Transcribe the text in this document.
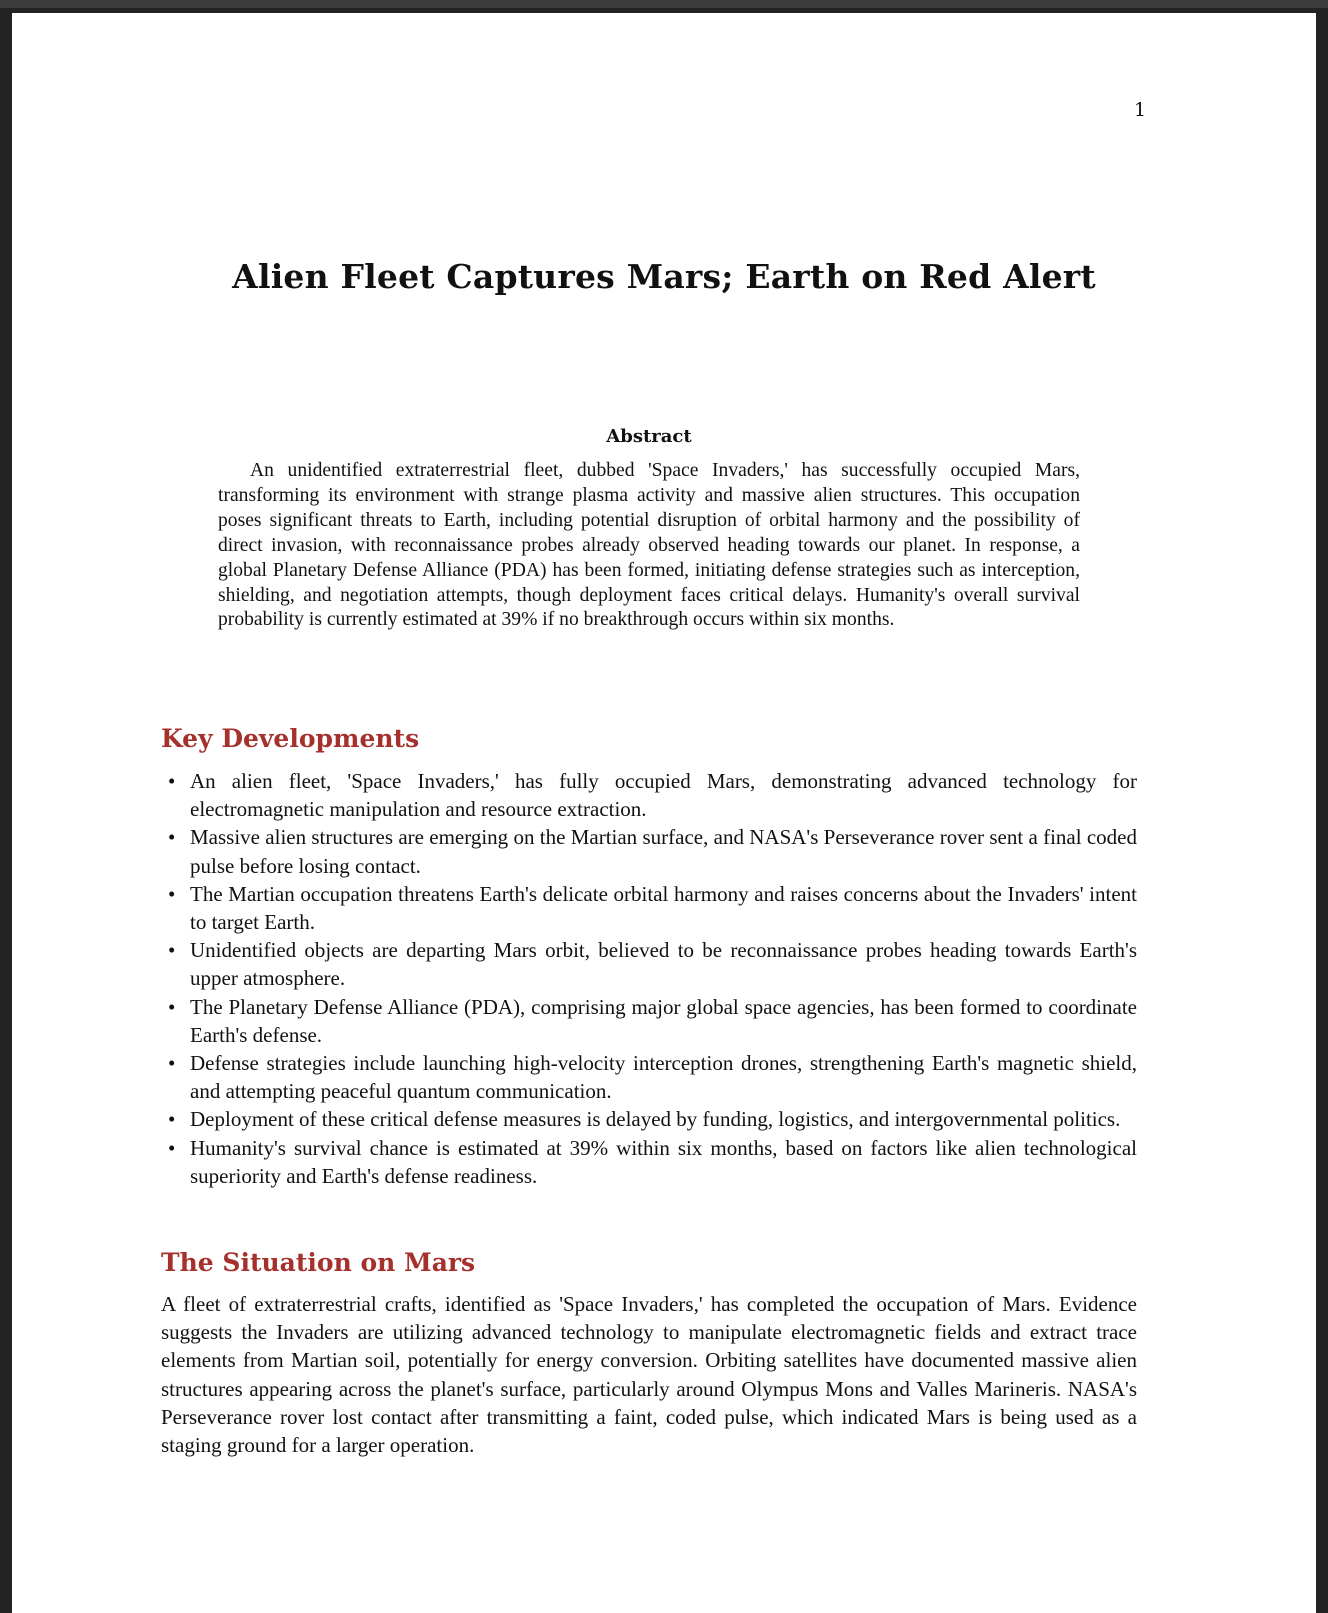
1
Alien Fleet Captures Mars; Earth on Red Alert

Abstract

An unidentified extraterrestrial fleet, dubbed 'Space Invaders,' has successfully occupied Mars, transforming its environment with strange plasma activity and massive alien structures. This occupation poses significant threats to Earth, including potential disruption of orbital harmony and the possibility of direct invasion, with reconnaissance probes already observed heading towards our planet. In response, a global Planetary Defense Alliance (PDA) has been formed, initiating defense strategies such as interception, shielding, and negotiation attempts, though deployment faces critical delays. Humanity's overall survival probability is currently estimated at 39% if no breakthrough occurs within six months.

Key Developments
• An alien fleet, 'Space Invaders,' has fully occupied Mars, demonstrating advanced technology for electromagnetic manipulation and resource extraction.
• Massive alien structures are emerging on the Martian surface, and NASA's Perseverance rover sent a final coded pulse before losing contact.
• The Martian occupation threatens Earth's delicate orbital harmony and raises concerns about the Invaders' intent to target Earth.
• Unidentified objects are departing Mars orbit, believed to be reconnaissance probes heading towards Earth's upper atmosphere.
• The Planetary Defense Alliance (PDA), comprising major global space agencies, has been formed to coordinate Earth's defense.
• Defense strategies include launching high-velocity interception drones, strengthening Earth's magnetic shield, and attempting peaceful quantum communication.
• Deployment of these critical defense measures is delayed by funding, logistics, and intergovernmental politics.
• Humanity's survival chance is estimated at 39% within six months, based on factors like alien technological superiority and Earth's defense readiness.
The Situation on Mars

A fleet of extraterrestrial crafts, identified as 'Space Invaders,' has completed the occupation of Mars. Evidence suggests the Invaders are utilizing advanced technology to manipulate electromagnetic fields and extract trace elements from Martian soil, potentially for energy conversion. Orbiting satellites have documented massive alien structures appearing across the planet's surface, particularly around Olympus Mons and Valles Marineris. NASA's Perseverance rover lost contact after transmitting a faint, coded pulse, which indicated Mars is being used as a staging ground for a larger operation.
